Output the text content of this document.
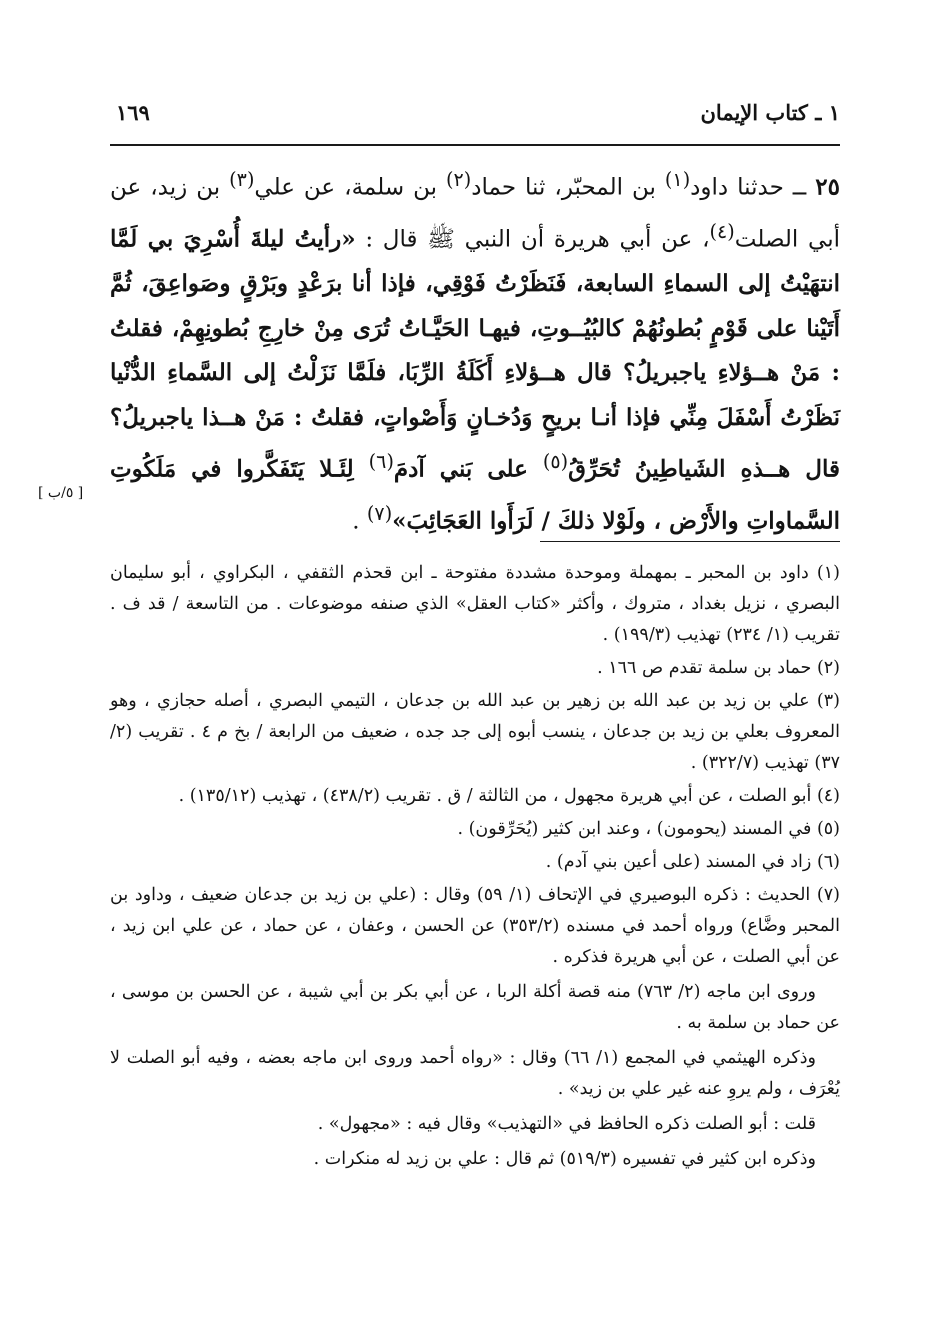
١ ـ كتاب الإيمان
١٦٩
٢٥ ــ حدثنا داود$^{(١)}$ بن المحبّر، ثنا حماد$^{(٢)}$ بن سلمة، عن علي$^{(٣)}$ بن زيد، عن أبي الصلت$^{(٤)}$، عن أبي هريرة أن النبي ﷺ قال : «رأيتُ ليلةَ أُسْرِيَ بي لَمَّا انتهَيْتُ إلى السماءِ السابعة، فَنَظَرْتُ فَوْقِي، فإذا أنا برَعْدٍ وبَرْقٍ وصَواعِقَ، ثُمَّ أَتَيْنا على قَوْمٍ بُطونُهُمْ كالبُيُــوتِ، فيهـا الحَيَّـاتُ تُرَى مِنْ خارِجِ بُطونِهِمْ، فقلتُ : مَنْ هــؤلاءِ ياجبريلُ؟ قال هــؤلاءِ أَكَلَةُ الرِّبَا، فلَمَّا نَزَلْتُ إلى السَّماءِ الدُّنْيا نَظَرْتُ أَسْفَلَ مِنِّي فإذا أنـا بريحٍ وَدُخـانٍ وَأَصْواتٍ، فقلتُ : مَنْ هــذا ياجبريلُ؟ قال هــذهِ الشَياطِينُ تُحَرِّقُ$^{(٥)}$ على بَني آدمَ$^{(٦)}$ لِئَـلا يَتَفَكَّروا في مَلَكُوتِ السَّماواتِ والأَرْض ، ولَوْلا ذلكَ / لَرَأَوا العَجَائِبَ»$^{(٧)}$ .
[ ٥/ب ]

(١) داود بن المحبر ـ بمهملة وموحدة مشددة مفتوحة ـ ابن قحذم الثقفي ، البكراوي ، أبو سليمان البصري ، نزيل بغداد ، متروك ، وأكثر «كتاب العقل» الذي صنفه موضوعات . من التاسعة / قد ف . تقريب (١/ ٢٣٤) تهذيب (١٩٩/٣) .

(٢) حماد بن سلمة تقدم ص ١٦٦ .

(٣) علي بن زيد بن عبد الله بن زهير بن عبد الله بن جدعان ، التيمي البصري ، أصله حجازي ، وهو المعروف بعلي بن زيد بن جدعان ، ينسب أبوه إلى جد جده ، ضعيف من الرابعة / بخ م ٤ . تقريب (٢/ ٣٧) تهذيب (٣٢٢/٧) .

(٤) أبو الصلت ، عن أبي هريرة مجهول ، من الثالثة / ق . تقريب (٤٣٨/٢) ، تهذيب (١٣٥/١٢) .

(٥) في المسند (يحومون) ، وعند ابن كثير (يُحَرِّقون) .

(٦) زاد في المسند (على أعين بني آدم) .

(٧) الحديث : ذكره البوصيري في الإتحاف (١/ ٥٩) وقال : (علي بن زيد بن جدعان ضعيف ، وداود بن المحبر وضَّاع) ورواه أحمد في مسنده (٣٥٣/٢) عن الحسن ، وعفان ، عن حماد ، عن علي ابن زيد ، عن أبي الصلت ، عن أبي هريرة فذكره .

وروى ابن ماجه (٢/ ٧٦٣) منه قصة أكلة الربا ، عن أبي بكر بن أبي شيبة ، عن الحسن بن موسى ، عن حماد بن سلمة به .

وذكره الهيثمي في المجمع (١/ ٦٦) وقال : «رواه أحمد وروى ابن ماجه بعضه ، وفيه أبو الصلت لا يُعْرَف ، ولم يروِ عنه غير علي بن زيد» .

قلت : أبو الصلت ذكره الحافظ في «التهذيب» وقال فيه : «مجهول» .

وذكره ابن كثير في تفسيره (٥١٩/٣) ثم قال : علي بن زيد له منكرات .
